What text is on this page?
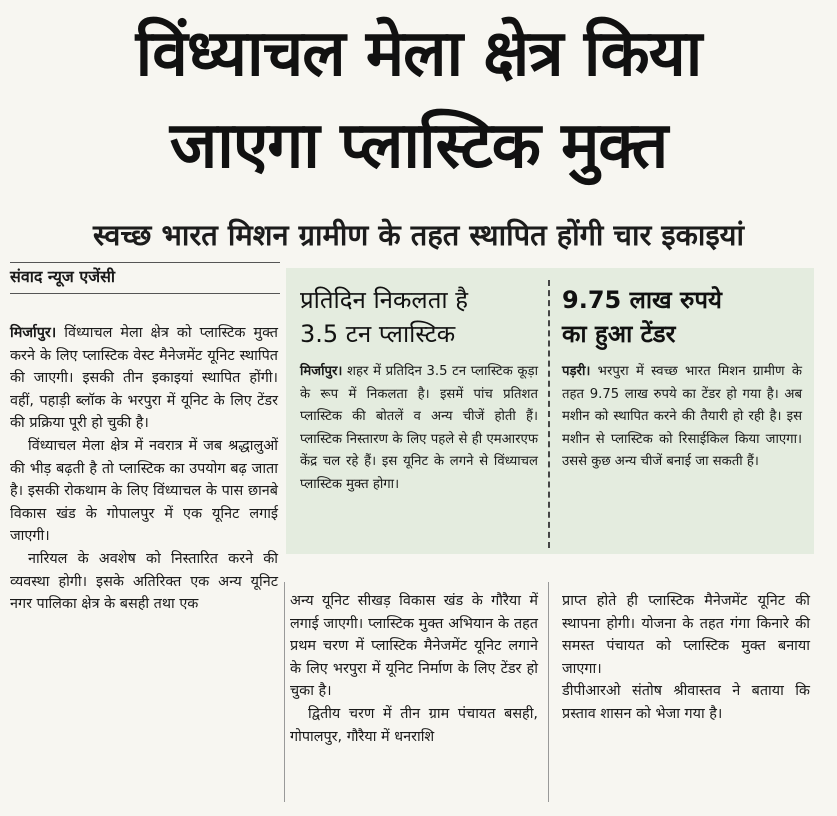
विंध्याचल मेला क्षेत्र किया
जाएगा प्लास्टिक मुक्त
स्वच्छ भारत मिशन ग्रामीण के तहत स्थापित होंगी चार इकाइयां
संवाद न्यूज एजेंसी

मिर्जापुर। विंध्याचल मेला क्षेत्र को प्लास्टिक मुक्त करने के लिए प्लास्टिक वेस्ट मैनेजमेंट यूनिट स्थापित की जाएगी। इसकी तीन इकाइयां स्थापित होंगी। वहीं, पहाड़ी ब्लॉक के भरपुरा में यूनिट के लिए टेंडर की प्रक्रिया पूरी हो चुकी है।

विंध्याचल मेला क्षेत्र में नवरात्र में जब श्रद्धालुओं की भीड़ बढ़ती है तो प्लास्टिक का उपयोग बढ़ जाता है। इसकी रोकथाम के लिए विंध्याचल के पास छानबे विकास खंड के गोपालपुर में एक यूनिट लगाई जाएगी।

नारियल के अवशेष को निस्तारित करने की व्यवस्था होगी। इसके अतिरिक्त एक अन्य यूनिट नगर पालिका क्षेत्र के बसही तथा एक

प्रतिदिन निकलता है
3.5 टन प्लास्टिक

मिर्जापुर। शहर में प्रतिदिन 3.5 टन प्लास्टिक कूड़ा के रूप में निकलता है। इसमें पांच प्रतिशत प्लास्टिक की बोतलें व अन्य चीजें होती हैं। प्लास्टिक निस्तारण के लिए पहले से ही एमआरएफ केंद्र चल रहे हैं। इस यूनिट के लगने से विंध्याचल प्लास्टिक मुक्त होगा।

9.75 लाख रुपये
का हुआ टेंडर

पड़री। भरपुरा में स्वच्छ भारत मिशन ग्रामीण के तहत 9.75 लाख रुपये का टेंडर हो गया है। अब मशीन को स्थापित करने की तैयारी हो रही है। इस मशीन से प्लास्टिक को रिसाईकिल किया जाएगा। उससे कुछ अन्य चीजें बनाई जा सकती हैं।

अन्य यूनिट सीखड़ विकास खंड के गौरैया में लगाई जाएगी। प्लास्टिक मुक्त अभियान के तहत प्रथम चरण में प्लास्टिक मैनेजमेंट यूनिट लगाने के लिए भरपुरा में यूनिट निर्माण के लिए टेंडर हो चुका है।

द्वितीय चरण में तीन ग्राम पंचायत बसही, गोपालपुर, गौरैया में धनराशि

प्राप्त होते ही प्लास्टिक मैनेजमेंट यूनिट की स्थापना होगी। योजना के तहत गंगा किनारे की समस्त पंचायत को प्लास्टिक मुक्त बनाया जाएगा।

डीपीआरओ संतोष श्रीवास्तव ने बताया कि प्रस्ताव शासन को भेजा गया है।
